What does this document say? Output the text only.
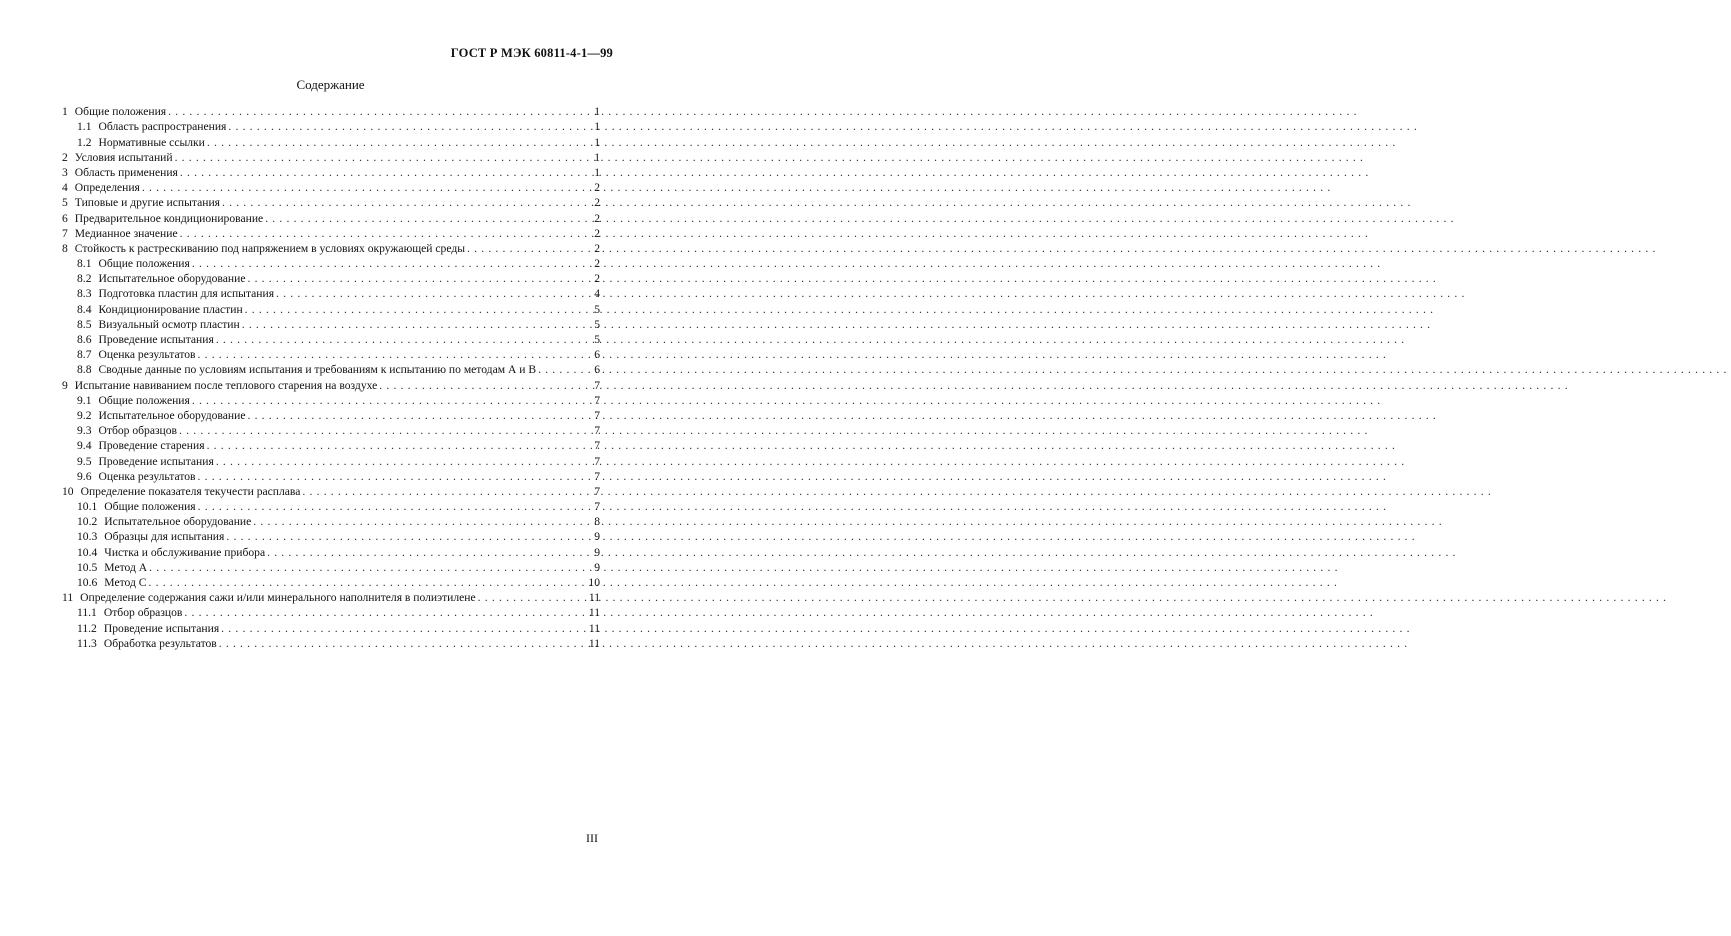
ГОСТ Р МЭК 60811-4-1—99
Содержание
1 Общие положения .....	1
1.1 Область распространения .....	1
1.2 Нормативные ссылки .....	1
2 Условия испытаний .....	1
3 Область применения .....	1
4 Определения .....	2
5 Типовые и другие испытания .....	2
6 Предварительное кондиционирование .....	2
7 Медианное значение .....	2
8 Стойкость к растрескиванию под напряжением в условиях окружающей среды .....	2
8.1 Общие положения .....	2
8.2 Испытательное оборудование .....	2
8.3 Подготовка пластин для испытания .....	4
8.4 Кондиционирование пластин .....	5
8.5 Визуальный осмотр пластин .....	5
8.6 Проведение испытания .....	5
8.7 Оценка результатов .....	6
8.8 Сводные данные по условиям испытания и требованиям к испытанию по методам А и В .....	6
9 Испытание навиванием после теплового старения на воздухе .....	7
9.1 Общие положения .....	7
9.2 Испытательное оборудование .....	7
9.3 Отбор образцов .....	7
9.4 Проведение старения .....	7
9.5 Проведение испытания .....	7
9.6 Оценка результатов .....	7
10 Определение показателя текучести расплава .....	7
10.1 Общие положения .....	7
10.2 Испытательное оборудование .....	8
10.3 Образцы для испытания .....	9
10.4 Чистка и обслуживание прибора .....	9
10.5 Метод А .....	9
10.6 Метод С .....	10
11 Определение содержания сажи и/или минерального наполнителя в полиэтилене .....	11
11.1 Отбор образцов .....	11
11.2 Проведение испытания .....	11
11.3 Обработка результатов .....	11
III
